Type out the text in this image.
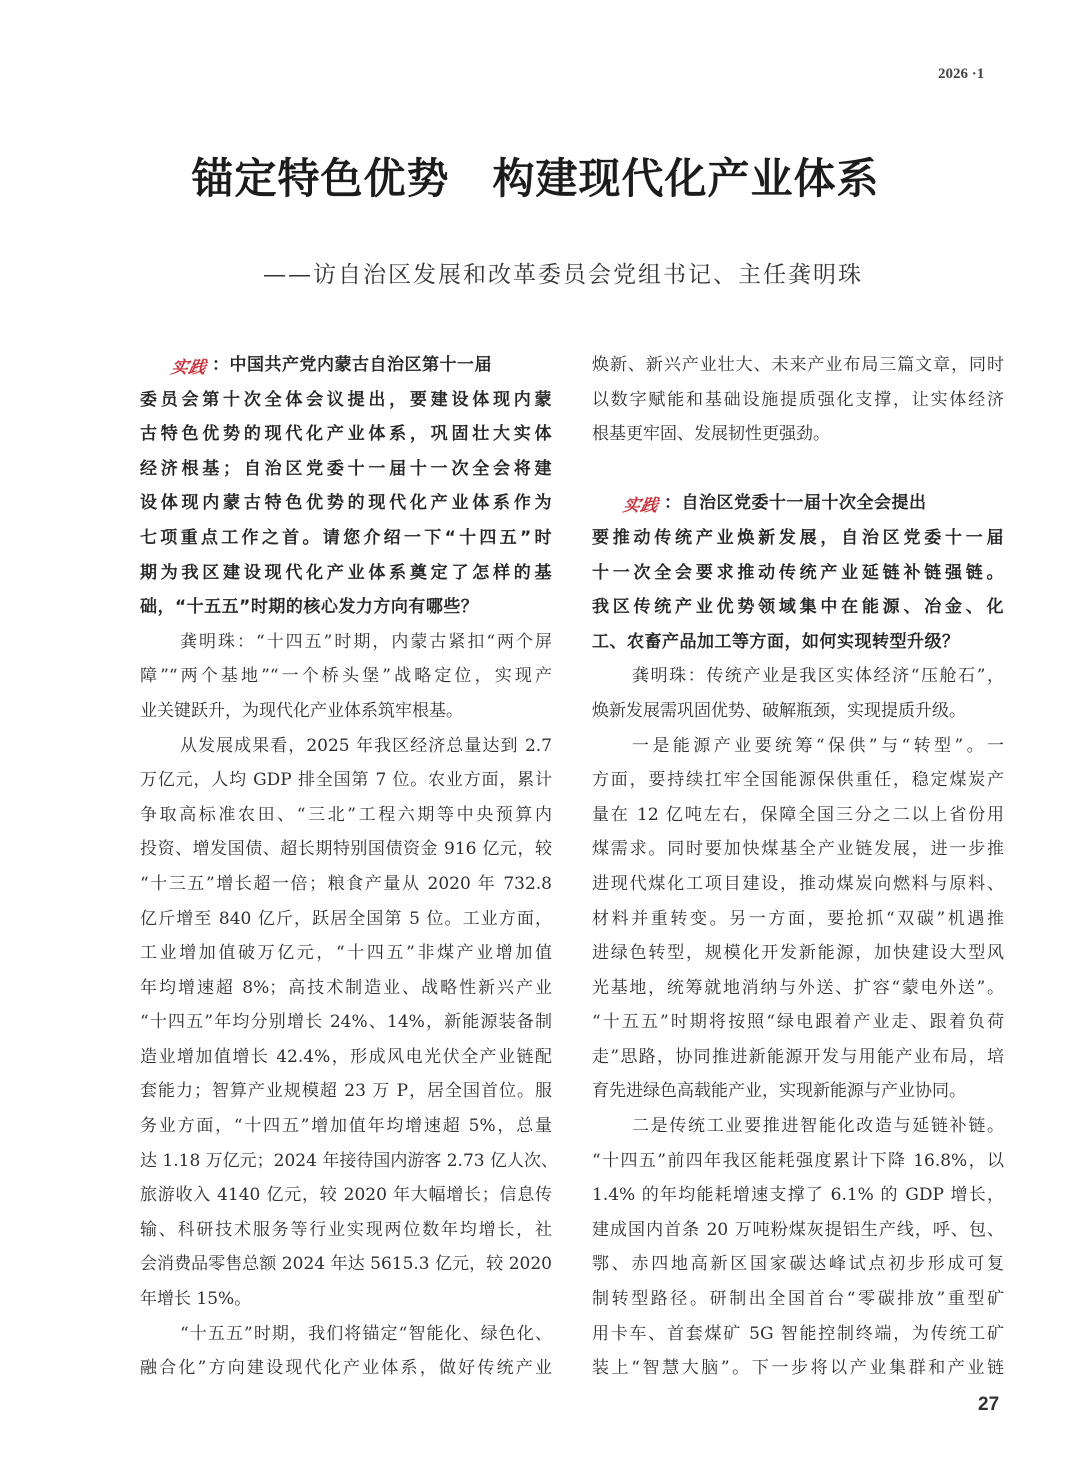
2026 ·1
锚定特色优势　构建现代化产业体系
——访自治区发展和改革委员会党组书记、主任龚明珠
实践 ：中国共产党内蒙古自治区第十一届
委员会第十次全体会议提出，要建设体现内蒙
古特色优势的现代化产业体系，巩固壮大实体
经济根基；自治区党委十一届十一次全会将建
设体现内蒙古特色优势的现代化产业体系作为
七项重点工作之首。请您介绍一下“十四五”时
期为我区建设现代化产业体系奠定了怎样的基
础，“十五五”时期的核心发力方向有哪些？
龚明珠：“十四五”时期，内蒙古紧扣“两个屏
障”“两个基地”“一个桥头堡”战略定位，实现产
业关键跃升，为现代化产业体系筑牢根基。
从发展成果看，2025 年我区经济总量达到 2.7
万亿元，人均 GDP 排全国第 7 位。农业方面，累计
争取高标准农田、“三北”工程六期等中央预算内
投资、增发国债、超长期特别国债资金 916 亿元，较
“十三五”增长超一倍；粮食产量从 2020 年 732.8
亿斤增至 840 亿斤，跃居全国第 5 位。工业方面，
工业增加值破万亿元，“十四五”非煤产业增加值
年均增速超 8%；高技术制造业、战略性新兴产业
“十四五”年均分别增长 24%、14%，新能源装备制
造业增加值增长 42.4%，形成风电光伏全产业链配
套能力；智算产业规模超 23 万 P，居全国首位。服
务业方面，“十四五”增加值年均增速超 5%，总量
达 1.18 万亿元；2024 年接待国内游客 2.73 亿人次、
旅游收入 4140 亿元，较 2020 年大幅增长；信息传
输、科研技术服务等行业实现两位数年均增长，社
会消费品零售总额 2024 年达 5615.3 亿元，较 2020
年增长 15%。
“十五五”时期，我们将锚定“智能化、绿色化、
融合化”方向建设现代化产业体系，做好传统产业
焕新、新兴产业壮大、未来产业布局三篇文章，同时
以数字赋能和基础设施提质强化支撑，让实体经济
根基更牢固、发展韧性更强劲。
实践 ：自治区党委十一届十次全会提出
要推动传统产业焕新发展，自治区党委十一届
十一次全会要求推动传统产业延链补链强链。
我区传统产业优势领域集中在能源、冶金、化
工、农畜产品加工等方面，如何实现转型升级？
龚明珠：传统产业是我区实体经济“压舱石”，
焕新发展需巩固优势、破解瓶颈，实现提质升级。
一是能源产业要统筹“保供”与“转型”。一
方面，要持续扛牢全国能源保供重任，稳定煤炭产
量在 12 亿吨左右，保障全国三分之二以上省份用
煤需求。同时要加快煤基全产业链发展，进一步推
进现代煤化工项目建设，推动煤炭向燃料与原料、
材料并重转变。另一方面，要抢抓“双碳”机遇推
进绿色转型，规模化开发新能源，加快建设大型风
光基地，统筹就地消纳与外送、扩容“蒙电外送”。
“十五五”时期将按照“绿电跟着产业走、跟着负荷
走”思路，协同推进新能源开发与用能产业布局，培
育先进绿色高载能产业，实现新能源与产业协同。
二是传统工业要推进智能化改造与延链补链。
“十四五”前四年我区能耗强度累计下降 16.8%，以
1.4% 的年均能耗增速支撑了 6.1% 的 GDP 增长，
建成国内首条 20 万吨粉煤灰提铝生产线，呼、包、
鄂、赤四地高新区国家碳达峰试点初步形成可复
制转型路径。研制出全国首台“零碳排放”重型矿
用卡车、首套煤矿 5G 智能控制终端，为传统工矿
装上“智慧大脑”。下一步将以产业集群和产业链
27
